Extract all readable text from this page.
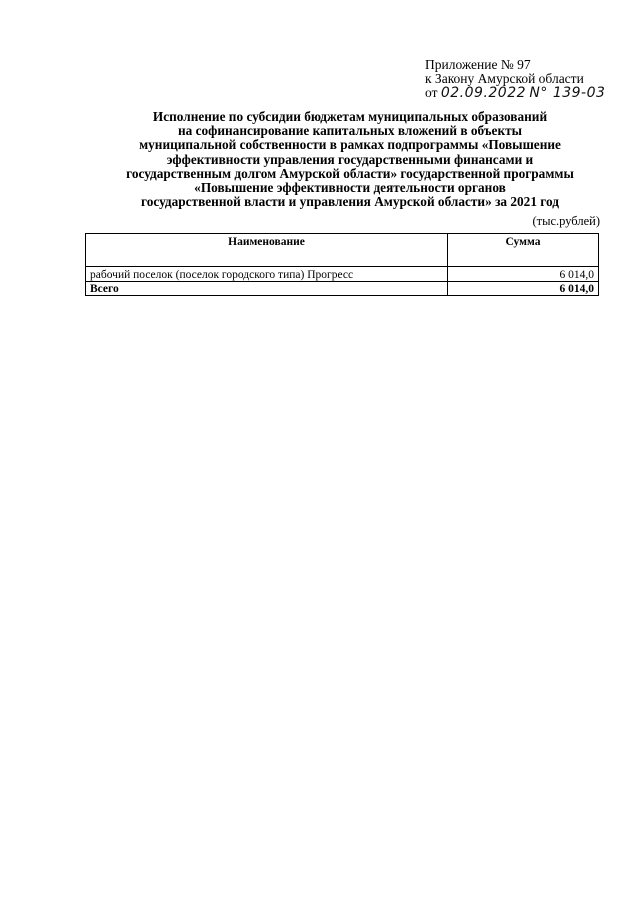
Приложение № 97
к Закону Амурской области
от 02.09.2022 N° 139-03
Исполнение по субсидии бюджетам муниципальных образований
на софинансирование капитальных вложений в объекты
муниципальной собственности в рамках подпрограммы «Повышение
эффективности управления государственными финансами и
государственным долгом Амурской области» государственной программы
«Повышение эффективности деятельности органов
государственной власти и управления Амурской области» за 2021 год
(тыс.рублей)
Наименование	Сумма
рабочий поселок (поселок городского типа) Прогресс	6 014,0
Всего	6 014,0
